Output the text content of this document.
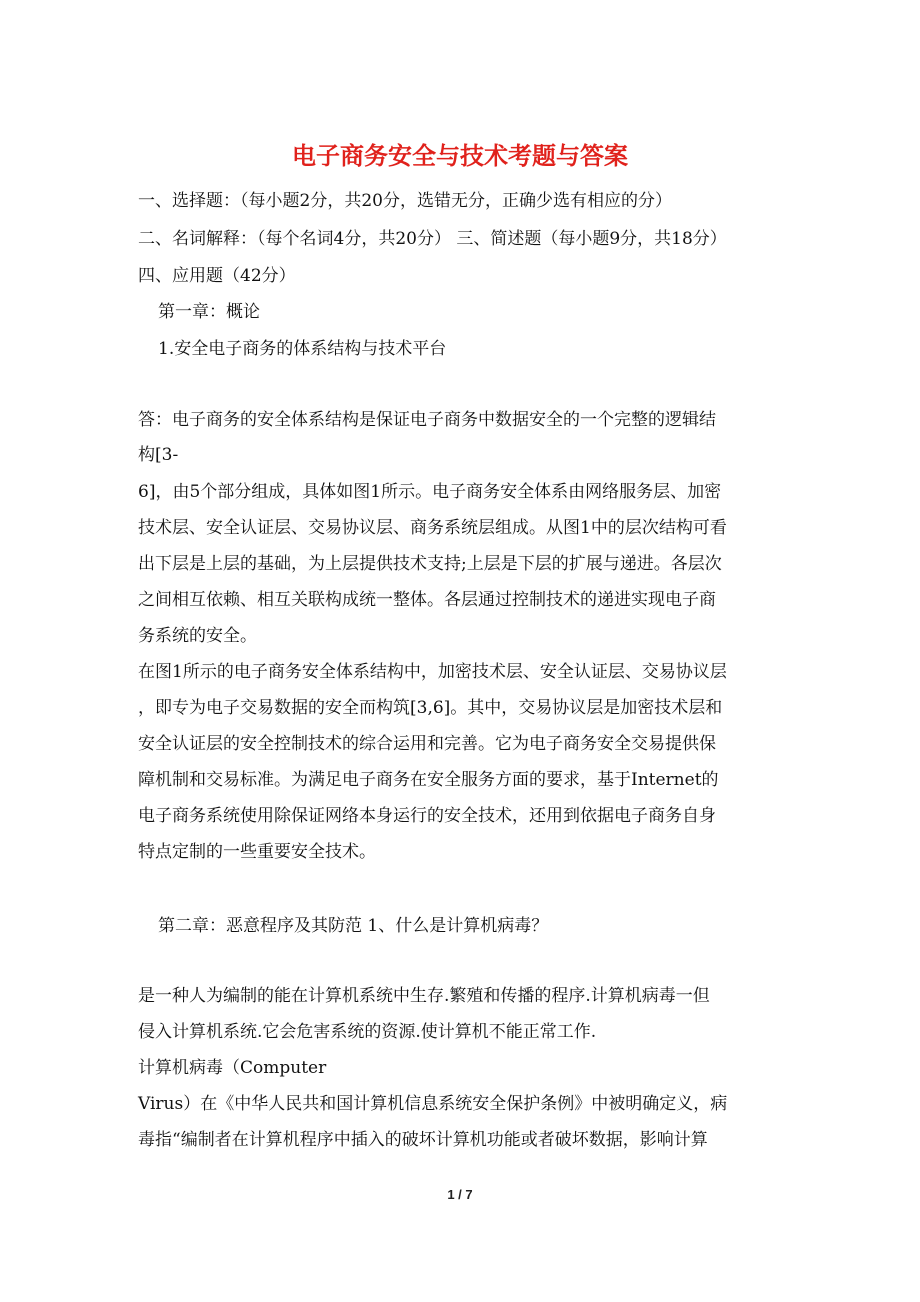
电子商务安全与技术考题与答案
一、选择题：（每小题2分，共20分，选错无分，正确少选有相应的分）
二、名词解释：（每个名词4分，共20分） 三、简述题（每小题9分，共18分）
四、应用题（42分）
第一章：概论
1.安全电子商务的体系结构与技术平台
答：电子商务的安全体系结构是保证电子商务中数据安全的一个完整的逻辑结
构[3-
6]，由5个部分组成，具体如图1所示。电子商务安全体系由网络服务层、加密
技术层、安全认证层、交易协议层、商务系统层组成。从图1中的层次结构可看
出下层是上层的基础，为上层提供技术支持;上层是下层的扩展与递进。各层次
之间相互依赖、相互关联构成统一整体。各层通过控制技术的递进实现电子商
务系统的安全。
在图1所示的电子商务安全体系结构中，加密技术层、安全认证层、交易协议层
，即专为电子交易数据的安全而构筑[3,6]。其中，交易协议层是加密技术层和
安全认证层的安全控制技术的综合运用和完善。它为电子商务安全交易提供保
障机制和交易标准。为满足电子商务在安全服务方面的要求，基于Internet的
电子商务系统使用除保证网络本身运行的安全技术，还用到依据电子商务自身
特点定制的一些重要安全技术。
第二章：恶意程序及其防范 1、什么是计算机病毒？
是一种人为编制的能在计算机系统中生存.繁殖和传播的程序.计算机病毒一但
侵入计算机系统.它会危害系统的资源.使计算机不能正常工作.
计算机病毒（Computer
Virus）在《中华人民共和国计算机信息系统安全保护条例》中被明确定义，病
毒指“编制者在计算机程序中插入的破坏计算机功能或者破坏数据，影响计算
1 / 7
